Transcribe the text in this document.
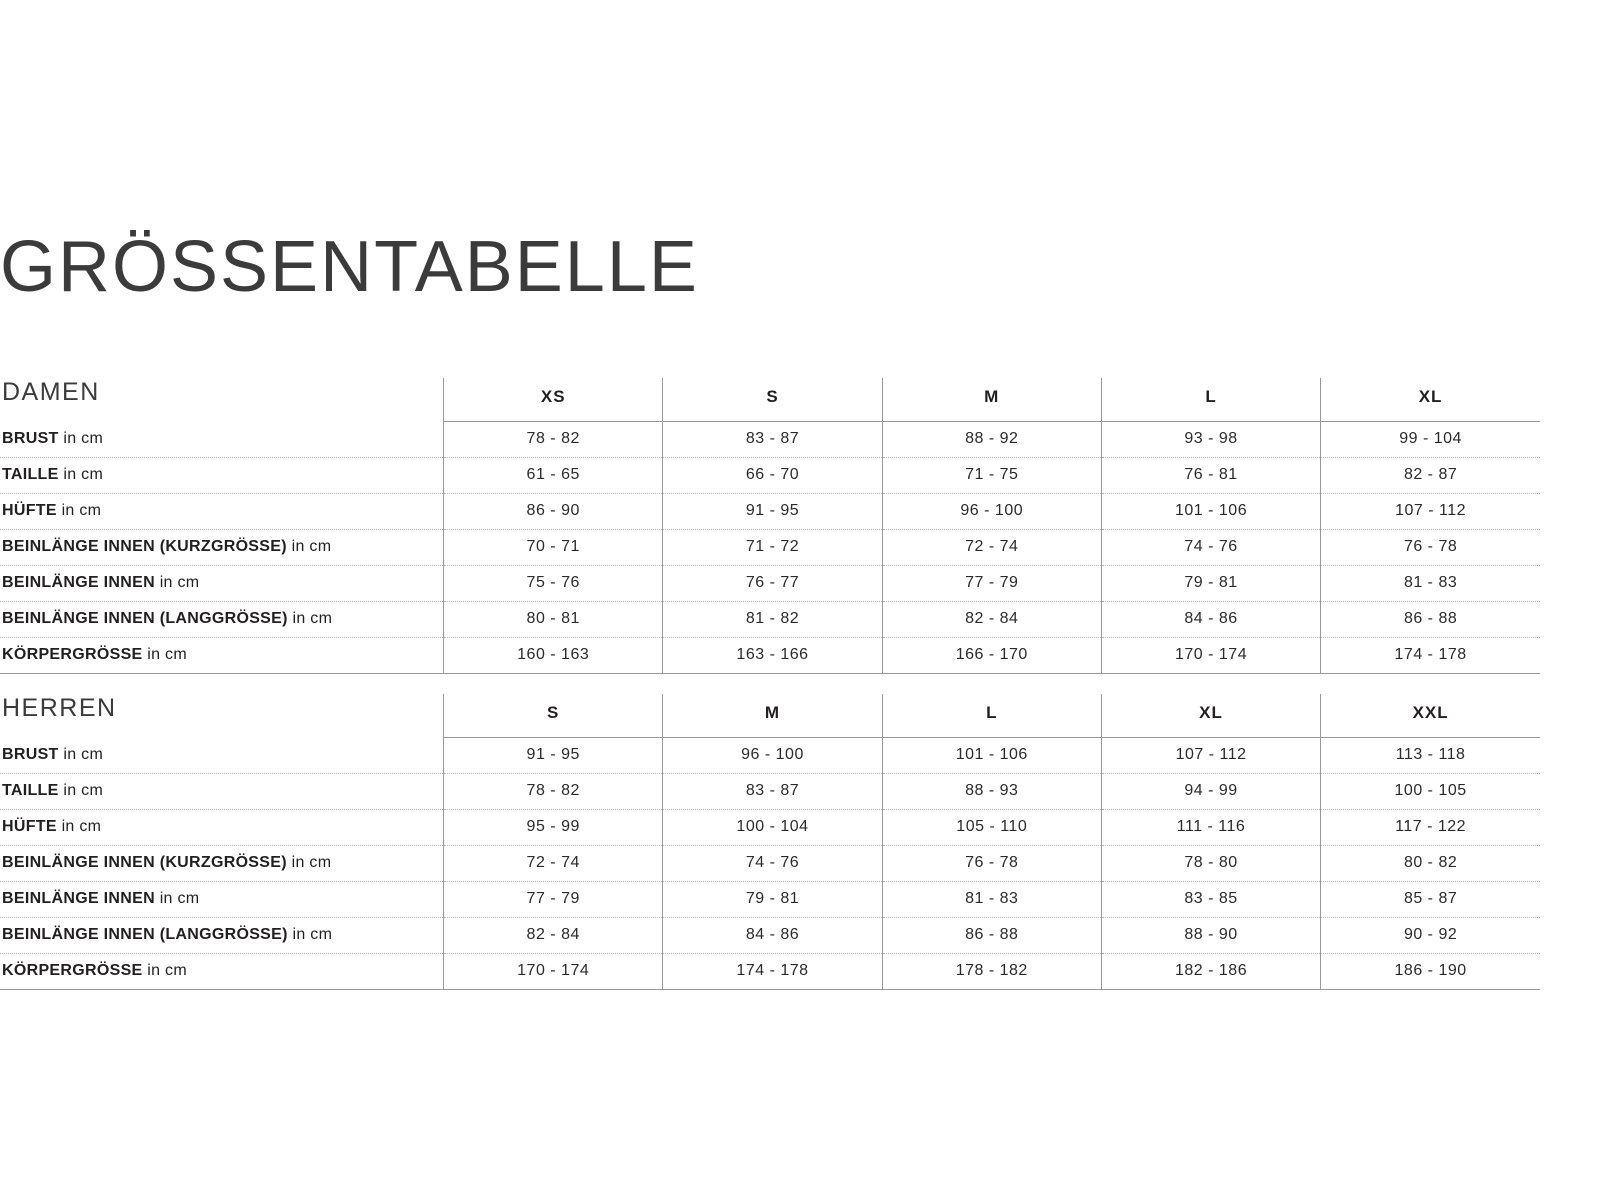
GRÖSSENTABELLE
DAMEN	XS	S	M	L	XL
BRUST in cm	78 - 82	83 - 87	88 - 92	93 - 98	99 - 104
TAILLE in cm	61 - 65	66 - 70	71 - 75	76 - 81	82 - 87
HÜFTE in cm	86 - 90	91 - 95	96 - 100	101 - 106	107 - 112
BEINLÄNGE INNEN (KURZGRÖSSE) in cm	70 - 71	71 - 72	72 - 74	74 - 76	76 - 78
BEINLÄNGE INNEN in cm	75 - 76	76 - 77	77 - 79	79 - 81	81 - 83
BEINLÄNGE INNEN (LANGGRÖSSE) in cm	80 - 81	81 - 82	82 - 84	84 - 86	86 - 88
KÖRPERGRÖSSE in cm	160 - 163	163 - 166	166 - 170	170 - 174	174 - 178
HERREN	S	M	L	XL	XXL
BRUST in cm	91 - 95	96 - 100	101 - 106	107 - 112	113 - 118
TAILLE in cm	78 - 82	83 - 87	88 - 93	94 - 99	100 - 105
HÜFTE in cm	95 - 99	100 - 104	105 - 110	111 - 116	117 - 122
BEINLÄNGE INNEN (KURZGRÖSSE) in cm	72 - 74	74 - 76	76 - 78	78 - 80	80 - 82
BEINLÄNGE INNEN in cm	77 - 79	79 - 81	81 - 83	83 - 85	85 - 87
BEINLÄNGE INNEN (LANGGRÖSSE) in cm	82 - 84	84 - 86	86 - 88	88 - 90	90 - 92
KÖRPERGRÖSSE in cm	170 - 174	174 - 178	178 - 182	182 - 186	186 - 190
